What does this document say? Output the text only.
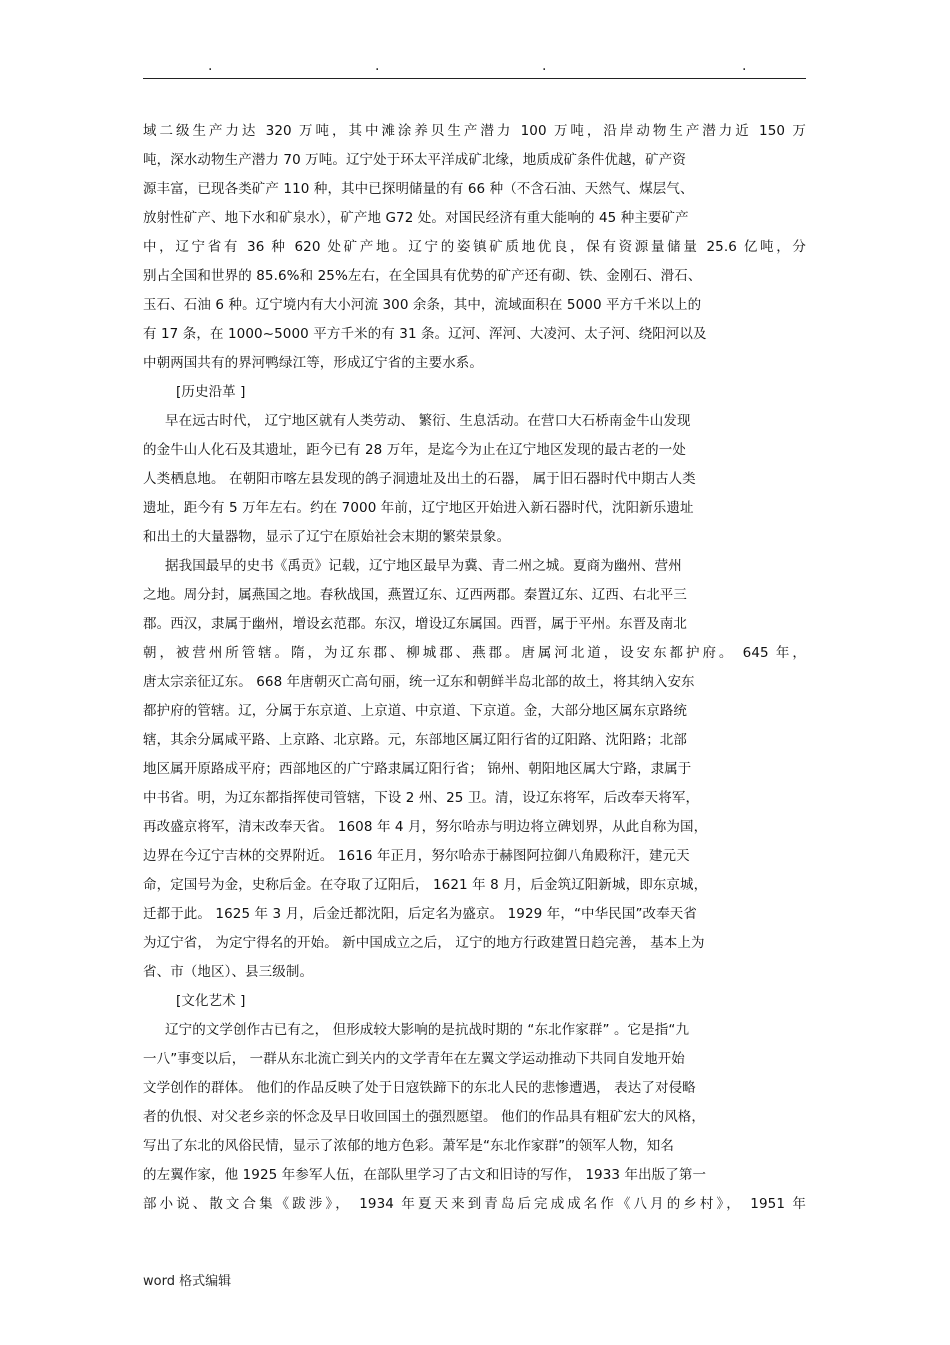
.	.	.	.
域二级生产力达 320 万吨，其中滩涂养贝生产潜力 100 万吨，沿岸动物生产潜力近 150 万
吨，深水动物生产潜力 70 万吨。辽宁处于环太平洋成矿北缘，地质成矿条件优越，矿产资
源丰富，已现各类矿产 110 种，其中已探明储量的有 66 种（不含石油、天然气、煤层气、
放射性矿产、地下水和矿泉水），矿产地 G72 处。对国民经济有重大能响的 45 种主要矿产
中，辽宁省有 36 种 620 处矿产地。辽宁的姿镇矿质地优良，保有资源量储量 25.6 亿吨，分
别占全国和世界的 85.6%和 25%左右，在全国具有优势的矿产还有砌、铁、金刚石、滑石、
玉石、石油 6 种。辽宁境内有大小河流 300 余条，其中，流域面积在 5000 平方千米以上的
有 17 条，在 1000~5000 平方千米的有 31 条。辽河、浑河、大凌河、太子河、绕阳河以及
中朝两国共有的界河鸭绿江等，形成辽宁省的主要水系。
[历史沿革 ]
早在远古时代， 辽宁地区就有人类劳动、 繁衍、生息活动。在营口大石桥南金牛山发现
的金牛山人化石及其遗址，距今已有 28 万年，是迄今为止在辽宁地区发现的最古老的一处
人类栖息地。 在朝阳市喀左县发现的鸽子洞遗址及出土的石器， 属于旧石器时代中期古人类
遗址，距今有 5 万年左右。约在 7000 年前，辽宁地区开始进入新石器时代，沈阳新乐遗址
和出土的大量器物，显示了辽宁在原始社会末期的繁荣景象。
据我国最早的史书《禹贡》记载，辽宁地区最早为冀、青二州之城。夏商为幽州、营州
之地。周分封，属燕国之地。春秋战国，燕置辽东、辽西两郡。秦置辽东、辽西、右北平三
郡。西汉，隶属于幽州，增设玄范郡。东汉，增设辽东属国。西晋，属于平州。东晋及南北
朝，被营州所管辖。隋，为辽东郡、柳城郡、燕郡。唐属河北道，设安东都护府。 645 年，
唐太宗亲征辽东。 668 年唐朝灭亡高句丽，统一辽东和朝鲜半岛北部的故土，将其纳入安东
都护府的管辖。辽，分属于东京道、上京道、中京道、下京道。金，大部分地区属东京路统
辖，其余分属咸平路、上京路、北京路。元，东部地区属辽阳行省的辽阳路、沈阳路；北部
地区属开原路成平府；西部地区的广宁路隶属辽阳行省； 锦州、朝阳地区属大宁路，隶属于
中书省。明，为辽东都指挥使司管辖，下设 2 州、25 卫。清，设辽东将军，后改奉天将军，
再改盛京将军，清末改奉天省。 1608 年 4 月，努尔哈赤与明边将立碑划界，从此自称为国，
边界在今辽宁吉林的交界附近。 1616 年正月，努尔哈赤于赫图阿拉御八角殿称汗，建元天
命，定国号为金，史称后金。在夺取了辽阳后， 1621 年 8 月，后金筑辽阳新城，即东京城，
迁都于此。 1625 年 3 月，后金迁都沈阳，后定名为盛京。 1929 年，“中华民国”改奉天省
为辽宁省， 为定宁得名的开始。 新中国成立之后， 辽宁的地方行政建置日趋完善， 基本上为
省、市（地区）、县三级制。
[文化艺术 ]
辽宁的文学创作古已有之， 但形成较大影响的是抗战时期的 “东北作家群” 。它是指“九
一八”事变以后， 一群从东北流亡到关内的文学青年在左翼文学运动推动下共同自发地开始
文学创作的群体。 他们的作品反映了处于日寇铁蹄下的东北人民的悲惨遭遇， 表达了对侵略
者的仇恨、对父老乡亲的怀念及早日收回国土的强烈愿望。 他们的作品具有粗矿宏大的风格，
写出了东北的风俗民情，显示了浓郁的地方色彩。萧军是“东北作家群”的领军人物，知名
的左翼作家，他 1925 年参军人伍，在部队里学习了古文和旧诗的写作， 1933 年出版了第一
部小说、散文合集《跋涉》， 1934 年夏天来到青岛后完成成名作《八月的乡村》， 1951 年
word 格式编辑
